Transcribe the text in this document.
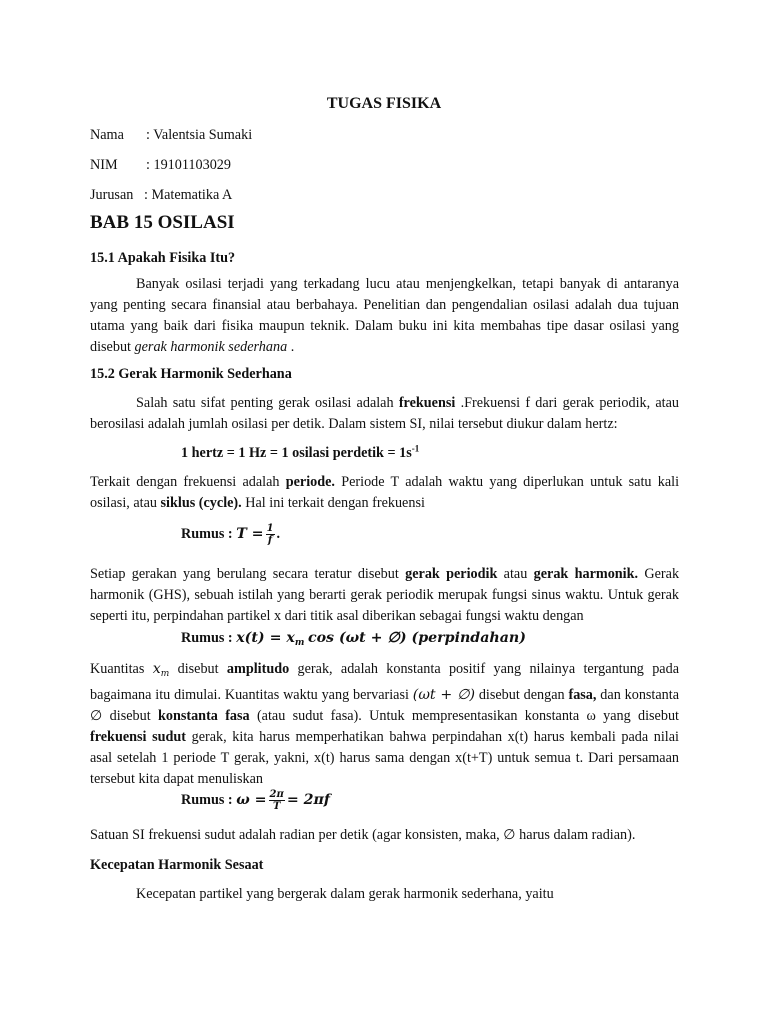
TUGAS FISIKA
Nama : Valentsia Sumaki
NIM : 19101103029
Jurusan : Matematika A
BAB 15 OSILASI
15.1 Apakah Fisika Itu?
Banyak osilasi terjadi yang terkadang lucu atau menjengkelkan, tetapi banyak di antaranya yang penting secara finansial atau berbahaya. Penelitian dan pengendalian osilasi adalah dua tujuan utama yang baik dari fisika maupun teknik. Dalam buku ini kita membahas tipe dasar osilasi yang disebut gerak harmonik sederhana .
15.2 Gerak Harmonik Sederhana
Salah satu sifat penting gerak osilasi adalah frekuensi .Frekuensi f dari gerak periodik, atau berosilasi adalah jumlah osilasi per detik. Dalam sistem SI, nilai tersebut diukur dalam hertz:
1 hertz = 1 Hz = 1 osilasi perdetik = $1s^{-1}$
Terkait dengan frekuensi adalah periode. Periode T adalah waktu yang diperlukan untuk satu kali osilasi, atau siklus (cycle). Hal ini terkait dengan frekuensi
Rumus : $T = \frac{1}{f}$ .
Setiap gerakan yang berulang secara teratur disebut gerak periodik atau gerak harmonik. Gerak harmonik (GHS), sebuah istilah yang berarti gerak periodik merupak fungsi sinus waktu. Untuk gerak seperti itu, perpindahan partikel x dari titik asal diberikan sebagai fungsi waktu dengan
Rumus : $x(t) = x_m$ cos (ωt + ∅) (perpindahan)
Kuantitas $x_m$ disebut amplitudo gerak, adalah konstanta positif yang nilainya tergantung pada bagaimana itu dimulai. Kuantitas waktu yang bervariasi (ωt + ∅) disebut dengan fasa, dan konstanta ∅ disebut konstanta fasa (atau sudut fasa). Untuk mempresentasikan konstanta ω yang disebut frekuensi sudut gerak, kita harus memperhatikan bahwa perpindahan x(t) harus kembali pada nilai asal setelah 1 periode T gerak, yakni, x(t) harus sama dengan x(t+T) untuk semua t. Dari persamaan tersebut kita dapat menuliskan
Rumus : $\omega = \frac{2\pi}{T} = 2\pi f$
Satuan SI frekuensi sudut adalah radian per detik (agar konsisten, maka, ∅ harus dalam radian).
Kecepatan Harmonik Sesaat
Kecepatan partikel yang bergerak dalam gerak harmonik sederhana, yaitu
